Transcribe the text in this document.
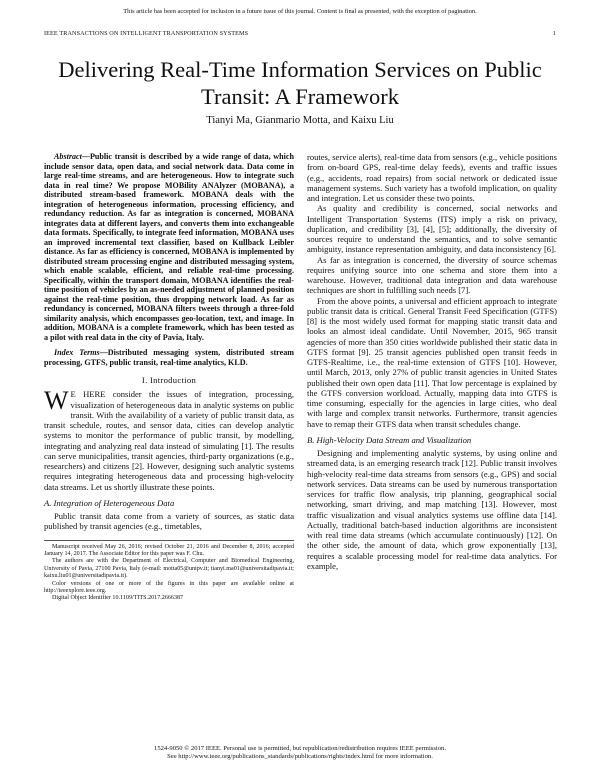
This article has been accepted for inclusion in a future issue of this journal. Content is final as presented, with the exception of pagination.
IEEE TRANSACTIONS ON INTELLIGENT TRANSPORTATION SYSTEMS	1
Delivering Real-Time Information Services on Public Transit: A Framework
Tianyi Ma, Gianmario Motta, and Kaixu Liu
Abstract—Public transit is described by a wide range of data, which include sensor data, open data, and social network data. Data come in large real-time streams, and are heterogeneous. How to integrate such data in real time? We propose MOBility ANAlyzer (MOBANA), a distributed stream-based framework. MOBANA deals with the integration of heterogeneous information, processing efficiency, and redundancy reduction. As far as integration is concerned, MOBANA integrates data at different layers, and converts them into exchangeable data formats. Specifically, to integrate feed information, MOBANA uses an improved incremental text classifier, based on Kullback Leibler distance. As far as efficiency is concerned, MOBANA is implemented by distributed stream processing engine and distributed messaging system, which enable scalable, efficient, and reliable real-time processing. Specifically, within the transport domain, MOBANA identifies the real-time position of vehicles by an as-needed adjustment of planned position against the real-time position, thus dropping network load. As far as redundancy is concerned, MOBANA filters tweets through a three-fold similarity analysis, which encompasses geo-location, text, and image. In addition, MOBANA is a complete framework, which has been tested as a pilot with real data in the city of Pavia, Italy.
Index Terms—Distributed messaging system, distributed stream processing, GTFS, public transit, real-time analytics, KLD.
I. Introduction

W E HERE consider the issues of integration, processing, visualization of heterogeneous data in analytic systems on public transit. With the availability of a variety of public transit data, as transit schedule, routes, and sensor data, cities can develop analytic systems to monitor the performance of public transit, by modelling, integrating and analyzing real data instead of simulating [1]. The results can serve municipalities, transit agencies, third-party organizations (e.g., researchers) and citizens [2]. However, designing such analytic systems requires integrating heterogeneous data and processing high-velocity data streams. Let us shortly illustrate these points.

A. Integration of Heterogeneous Data

Public transit data come from a variety of sources, as static data published by transit agencies (e.g., timetables,

Manuscript received May 26, 2016; revised October 21, 2016 and December 8, 2016; accepted January 14, 2017. The Associate Editor for this paper was F. Chu.

The authors are with the Department of Electrical, Computer and Biomedical Engineering, University of Pavia, 27100 Pavia, Italy (e-mail: motta05@unipv.it; tianyi.ma01@universitadipavia.it; kaixu.liu01@universitadipavia.it).

Color versions of one or more of the figures in this paper are available online at http://ieeexplore.ieee.org.

Digital Object Identifier 10.1109/TITS.2017.2666387

routes, service alerts), real-time data from sensors (e.g., vehicle positions from on-board GPS, real-time delay feeds), events and traffic issues (e.g., accidents, road repairs) from social network or dedicated issue management systems. Such variety has a twofold implication, on quality and integration. Let us consider these two points.

As quality and credibility is concerned, social networks and Intelligent Transportation Systems (ITS) imply a risk on privacy, duplication, and credibility [3], [4], [5]; additionally, the diversity of sources require to understand the semantics, and to solve semantic ambiguity, instance representation ambiguity, and data inconsistency [6].

As far as integration is concerned, the diversity of source schemas requires unifying source into one schema and store them into a warehouse. However, traditional data integration and data warehouse techniques are short in fulfilling such needs [7].

From the above points, a universal and efficient approach to integrate public transit data is critical. General Transit Feed Specification (GTFS) [8] is the most widely used format for mapping static transit data and looks an almost ideal candidate. Until November, 2015, 965 transit agencies of more than 350 cities worldwide published their static data in GTFS format [9]. 25 transit agencies published open transit feeds in GTFS-Realtime, i.e., the real-time extension of GTFS [10]. However, until March, 2013, only 27% of public transit agencies in United States published their own open data [11]. That low percentage is explained by the GTFS conversion workload. Actually, mapping data into GTFS is time consuming, especially for the agencies in large cities, who deal with large and complex transit networks. Furthermore, transit agencies have to remap their GTFS data when transit schedules change.

B. High-Velocity Data Stream and Visualization

Designing and implementing analytic systems, by using online and streamed data, is an emerging research track [12]. Public transit involves high-velocity real-time data streams from sensors (e.g., GPS) and social network services. Data streams can be used by numerous transportation services for traffic flow analysis, trip planning, geographical social networking, smart driving, and map matching [13]. However, most traffic visualization and visual analytics systems use offline data [14]. Actually, traditional batch-based induction algorithms are inconsistent with real time data streams (which accumulate continuously) [12]. On the other side, the amount of data, which grow exponentially [13], requires a scalable processing model for real-time data analytics. For example,

1524-9050 © 2017 IEEE. Personal use is permitted, but republication/redistribution requires IEEE permission.
See http://www.ieee.org/publications_standards/publications/rights/index.html for more information.
